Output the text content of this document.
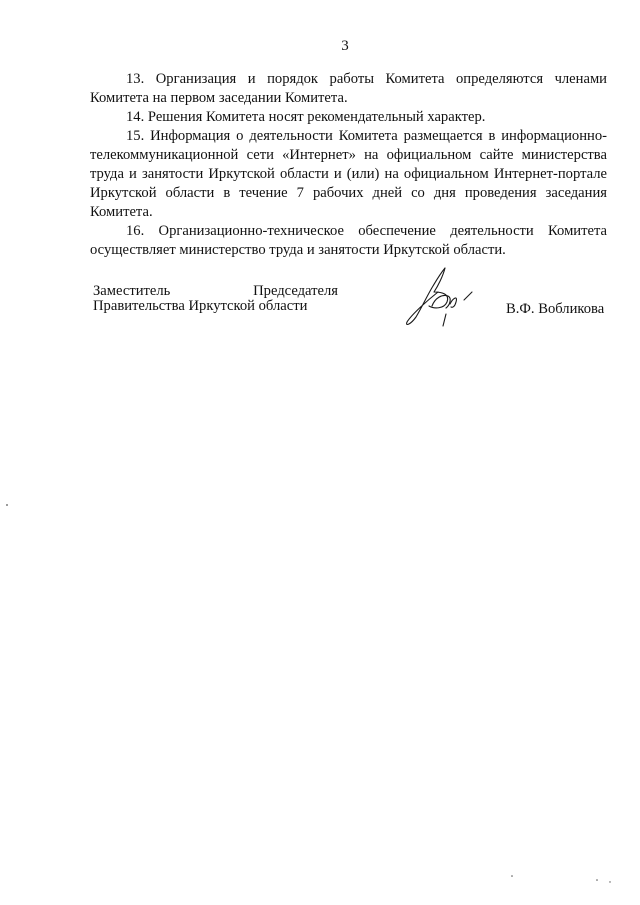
3

13. Организация и порядок работы Комитета определяются членами Комитета на первом заседании Комитета.

14. Решения Комитета носят рекомендательный характер.

15. Информация о деятельности Комитета размещается в информационно-телекоммуникационной сети «Интернет» на официальном сайте министерства труда и занятости Иркутской области и (или) на официальном Интернет-портале Иркутской области в течение 7 рабочих дней со дня проведения заседания Комитета.

16. Организационно-техническое обеспечение деятельности Комитета осуществляет министерство труда и занятости Иркутской области.

Заместитель	Председателя
Правительства Иркутской области	В.Ф. Вобликова
